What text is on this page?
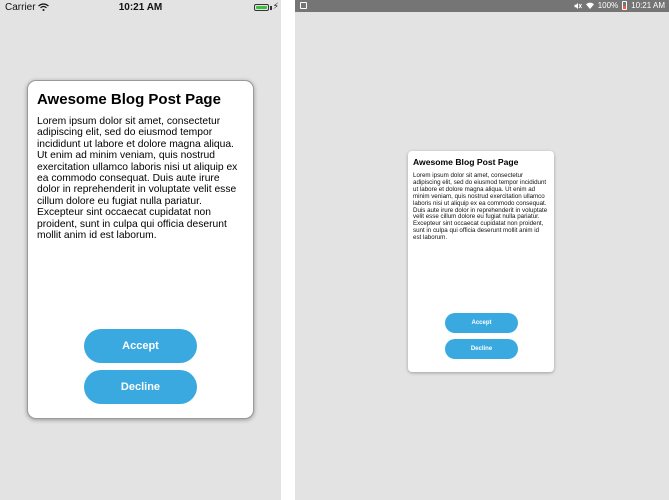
Carrier	10:21 AM	⚡

Awesome Blog Post Page

Lorem ipsum dolor sit amet, consectetur adipiscing elit, sed do eiusmod tempor incididunt ut labore et dolore magna aliqua. Ut enim ad minim veniam, quis nostrud exercitation ullamco laboris nisi ut aliquip ex ea commodo consequat. Duis aute irure dolor in reprehenderit in voluptate velit esse cillum dolore eu fugiat nulla pariatur. Excepteur sint occaecat cupidatat non proident, sunt in culpa qui officia deserunt mollit anim id est laborum.

Accept
Decline
100% 10:21 AM

Awesome Blog Post Page

Lorem ipsum dolor sit amet, consectetur adipiscing elit, sed do eiusmod tempor incididunt ut labore et dolore magna aliqua. Ut enim ad minim veniam, quis nostrud exercitation ullamco laboris nisi ut aliquip ex ea commodo consequat. Duis aute irure dolor in reprehenderit in voluptate velit esse cillum dolore eu fugiat nulla pariatur. Excepteur sint occaecat cupidatat non proident, sunt in culpa qui officia deserunt mollit anim id est laborum.

Accept
Decline
